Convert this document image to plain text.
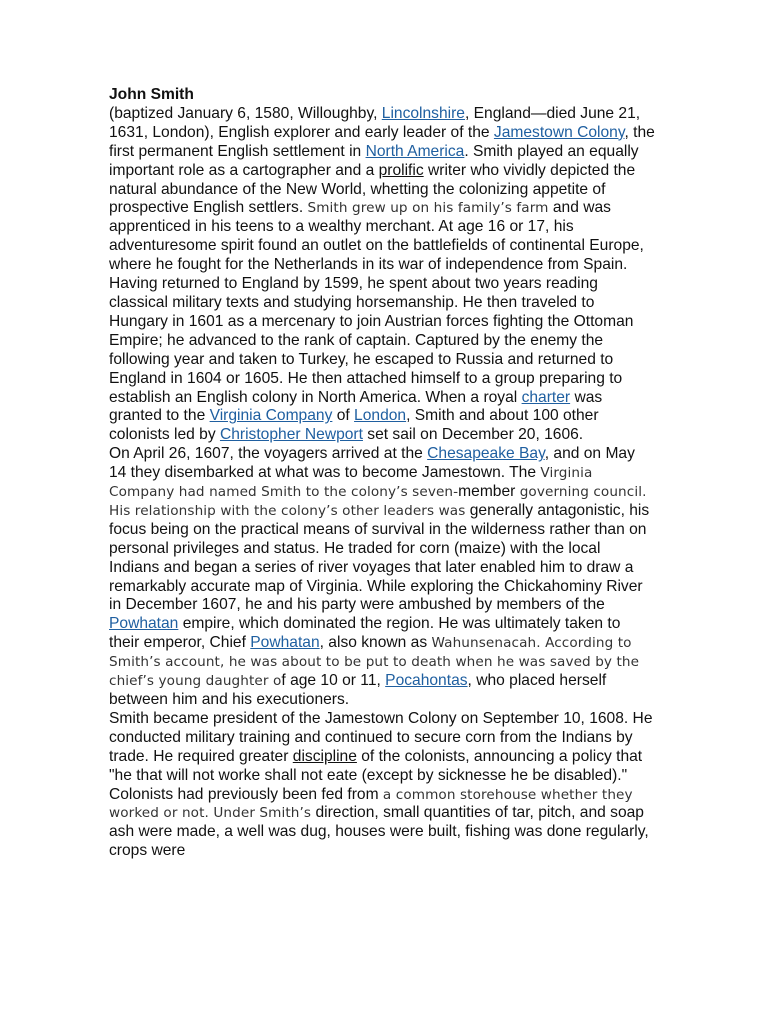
John Smith

(baptized January 6, 1580, Willoughby, Lincolnshire, England—died June 21, 1631, London), English explorer and early leader of the Jamestown Colony, the first permanent English settlement in North America. Smith played an equally important role as a cartographer and a prolific writer who vividly depicted the natural abundance of the New World, whetting the colonizing appetite of prospective English settlers. Smith grew up on his family’s farm and was apprenticed in his teens to a wealthy merchant. At age 16 or 17, his adventuresome spirit found an outlet on the battlefields of continental Europe, where he fought for the Netherlands in its war of independence from Spain. Having returned to England by 1599, he spent about two years reading classical military texts and studying horsemanship. He then traveled to Hungary in 1601 as a mercenary to join Austrian forces fighting the Ottoman Empire; he advanced to the rank of captain. Captured by the enemy the following year and taken to Turkey, he escaped to Russia and returned to England in 1604 or 1605. He then attached himself to a group preparing to establish an English colony in North America. When a royal charter was granted to the Virginia Company of London, Smith and about 100 other colonists led by Christopher Newport set sail on December 20, 1606.

On April 26, 1607, the voyagers arrived at the Chesapeake Bay, and on May 14 they disembarked at what was to become Jamestown. The Virginia Company had named Smith to the colony’s seven-member governing council. His relationship with the colony’s other leaders was generally antagonistic, his focus being on the practical means of survival in the wilderness rather than on personal privileges and status. He traded for corn (maize) with the local Indians and began a series of river voyages that later enabled him to draw a remarkably accurate map of Virginia. While exploring the Chickahominy River in December 1607, he and his party were ambushed by members of the Powhatan empire, which dominated the region. He was ultimately taken to their emperor, Chief Powhatan, also known as Wahunsenacah. According to Smith’s account, he was about to be put to death when he was saved by the chief’s young daughter of age 10 or 11, Pocahontas, who placed herself between him and his executioners.

Smith became president of the Jamestown Colony on September 10, 1608. He conducted military training and continued to secure corn from the Indians by trade. He required greater discipline of the colonists, announcing a policy that "he that will not worke shall not eate (except by sicknesse he be disabled)." Colonists had previously been fed from a common storehouse whether they worked or not. Under Smith’s direction, small quantities of tar, pitch, and soap ash were made, a well was dug, houses were built, fishing was done regularly, crops were
